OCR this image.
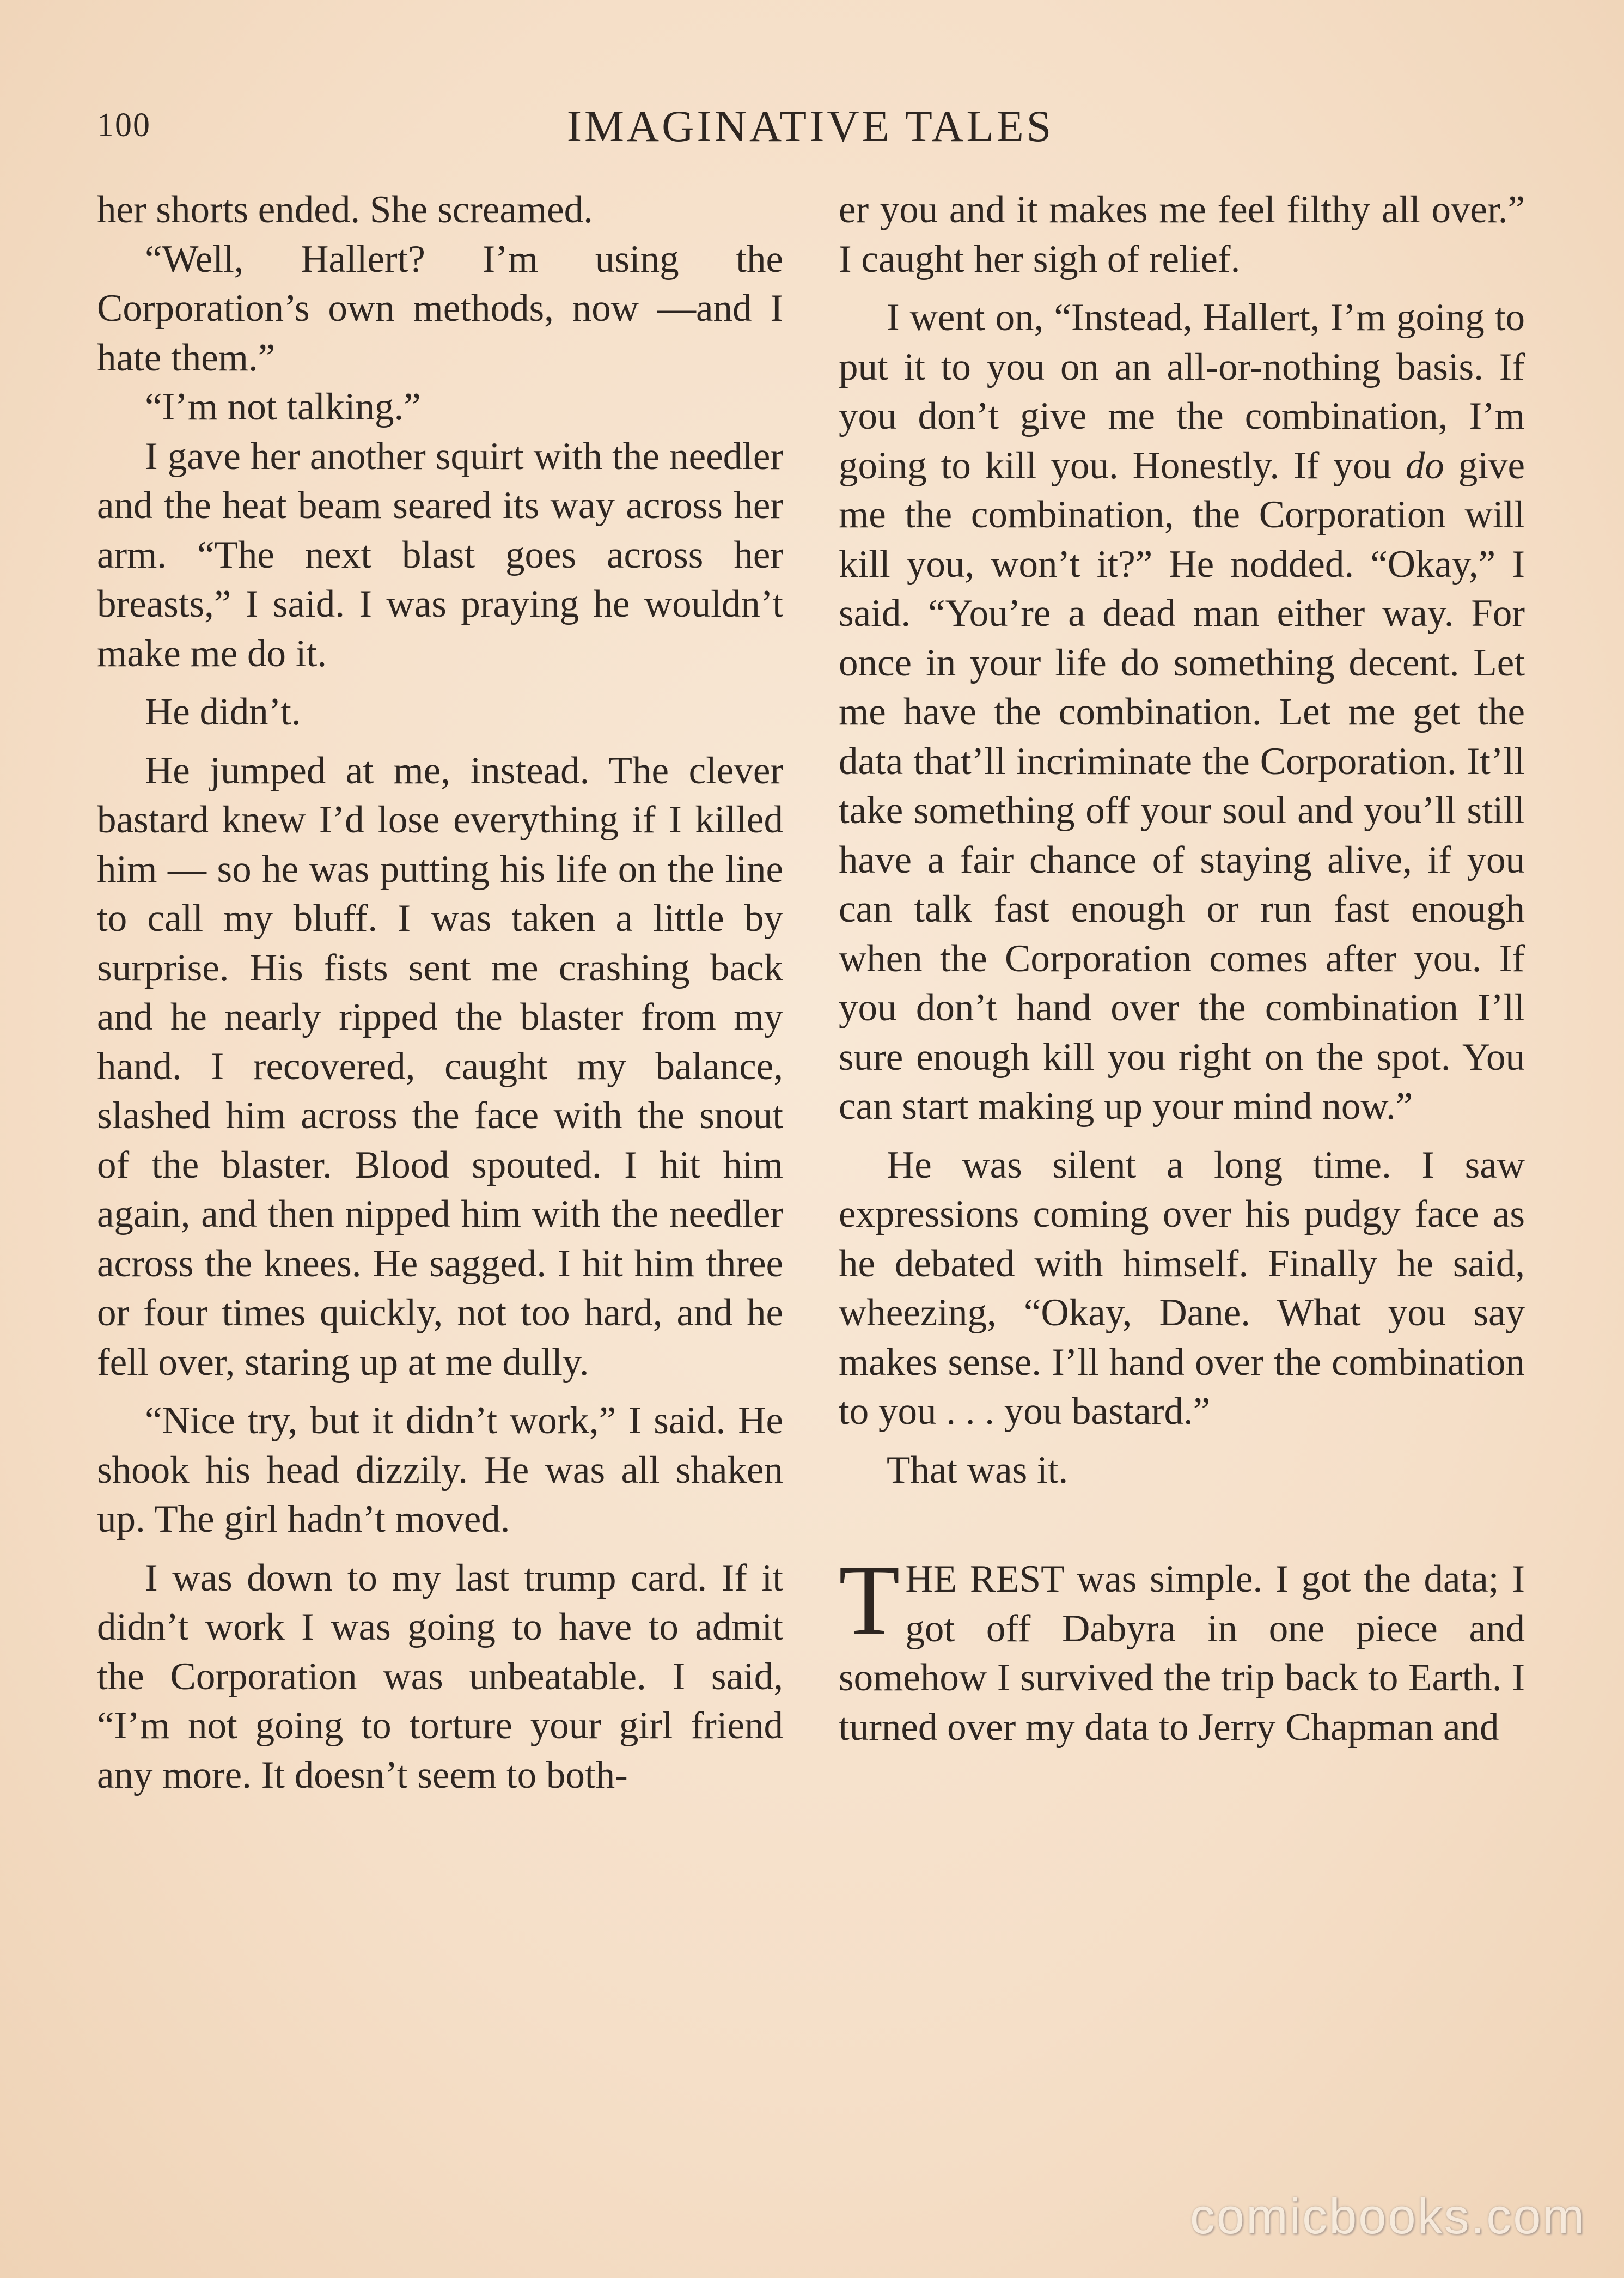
100	IMAGINATIVE TALES

her shorts ended. She screamed.

“Well, Hallert? I’m using the Corporation’s own methods, now —and I hate them.”

“I’m not talking.”

I gave her another squirt with the needler and the heat beam seared its way across her arm. “The next blast goes across her breasts,” I said. I was praying he wouldn’t make me do it.

He didn’t.

He jumped at me, instead. The clever bastard knew I’d lose everything if I killed him — so he was putting his life on the line to call my bluff. I was taken a little by surprise. His fists sent me crashing back and he nearly ripped the blaster from my hand. I recovered, caught my balance, slashed him across the face with the snout of the blaster. Blood spouted. I hit him again, and then nipped him with the needler across the knees. He sagged. I hit him three or four times quickly, not too hard, and he fell over, staring up at me dully.

“Nice try, but it didn’t work,” I said. He shook his head dizzily. He was all shaken up. The girl hadn’t moved.

I was down to my last trump card. If it didn’t work I was going to have to admit the Corporation was unbeatable. I said, “I’m not going to torture your girl friend any more. It doesn’t seem to both-

er you and it makes me feel filthy all over.” I caught her sigh of relief.

I went on, “Instead, Hallert, I’m going to put it to you on an all-or-nothing basis. If you don’t give me the combination, I’m going to kill you. Honestly. If you do give me the combination, the Corporation will kill you, won’t it?” He nodded. “Okay,” I said. “You’re a dead man either way. For once in your life do something decent. Let me have the combination. Let me get the data that’ll incriminate the Corporation. It’ll take something off your soul and you’ll still have a fair chance of staying alive, if you can talk fast enough or run fast enough when the Corporation comes after you. If you don’t hand over the combination I’ll sure enough kill you right on the spot. You can start making up your mind now.”

He was silent a long time. I saw expressions coming over his pudgy face as he debated with himself. Finally he said, wheezing, “Okay, Dane. What you say makes sense. I’ll hand over the combination to you . . . you bastard.”

That was it.

THE REST was simple. I got the data; I got off Dabyra in one piece and somehow I survived the trip back to Earth. I turned over my data to Jerry Chapman and

comicbooks.com
